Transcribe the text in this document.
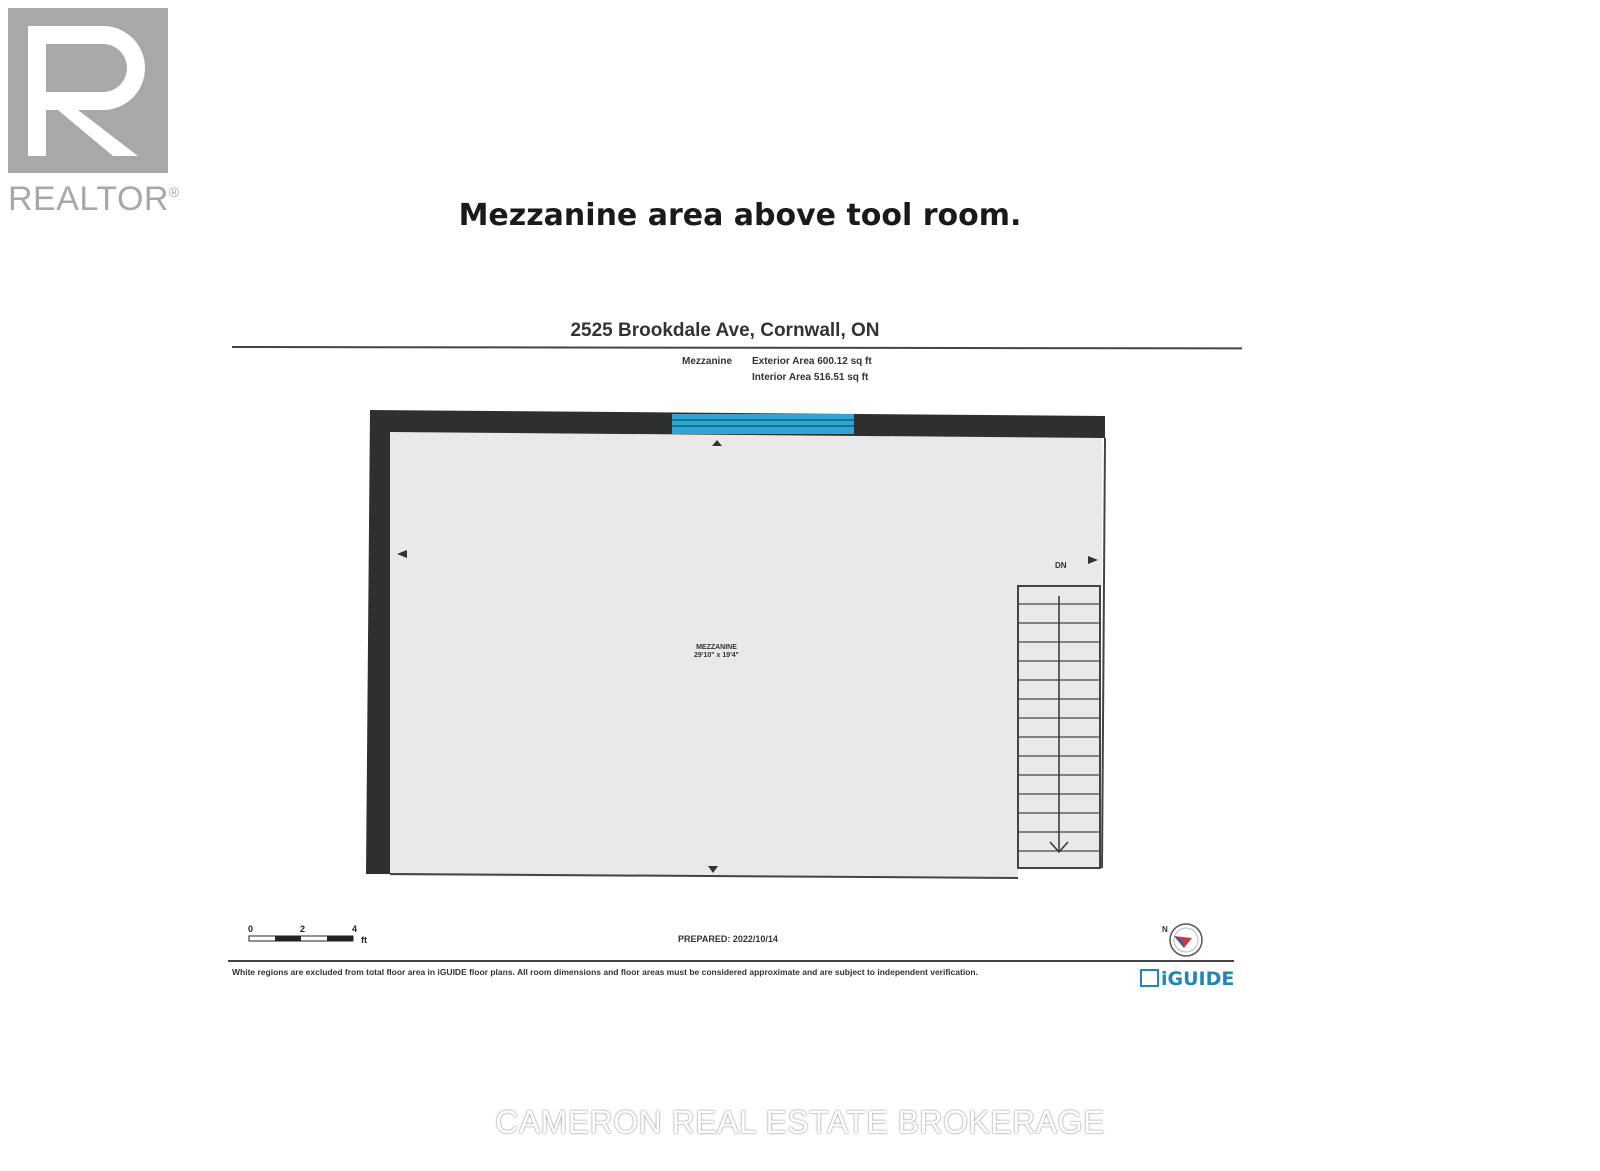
REALTOR®
Mezzanine area above tool room.
2525 Brookdale Ave, Cornwall, ON
Mezzanine Exterior Area 600.12 sq ft
Interior Area 516.51 sq ft
MEZZANINE
29'10" x 19'4"
DN
0	2	4
ft	PREPARED: 2022/10/14
N
White regions are excluded from total floor area in iGUIDE floor plans. All room dimensions and floor areas must be considered approximate and are subject to independent verification.	iGUIDE
CAMERON REAL ESTATE BROKERAGE
